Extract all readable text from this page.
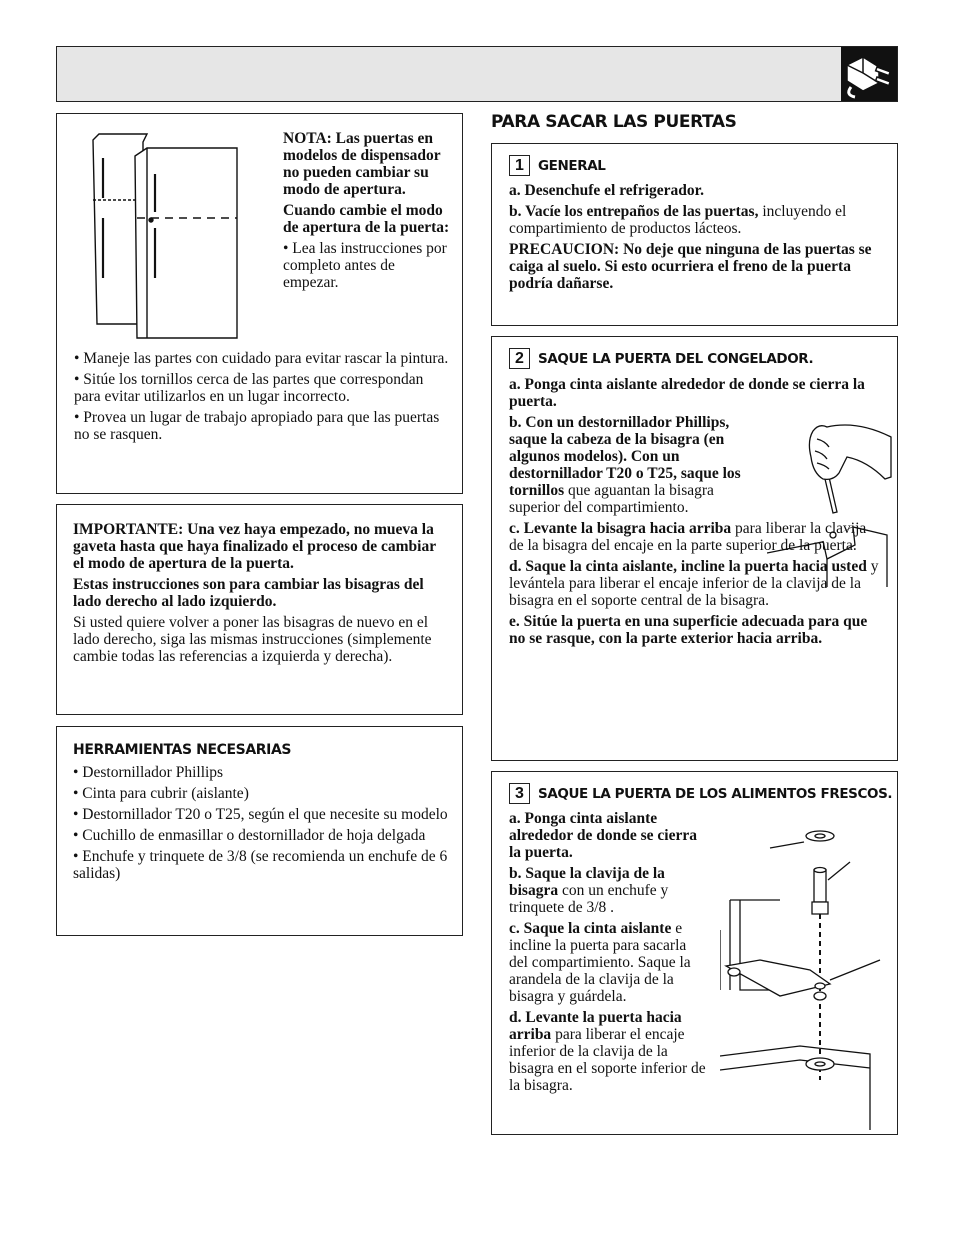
NOTA: Las puertas en modelos de dispensador no pueden cambiar su modo de apertura.

Cuando cambie el modo de apertura de la puerta:

• Lea las instrucciones por completo antes de empezar.

• Maneje las partes con cuidado para evitar rascar la pintura.

• Sitúe los tornillos cerca de las partes que correspondan para evitar utilizarlos en un lugar incorrecto.

• Provea un lugar de trabajo apropiado para que las puertas no se rasquen.

IMPORTANTE: Una vez haya empezado, no mueva la gaveta hasta que haya finalizado el proceso de cambiar el modo de apertura de la puerta.

Estas instrucciones son para cambiar las bisagras del lado derecho al lado izquierdo.

Si usted quiere volver a poner las bisagras de nuevo en el lado derecho, siga las mismas instrucciones (simplemente cambie todas las referencias a izquierda y derecha).

HERRAMIENTAS NECESARIAS

• Destornillador Phillips

• Cinta para cubrir (aislante)

• Destornillador T20 o T25, según el que necesite su modelo

• Cuchillo de enmasillar o destornillador de hoja delgada

• Enchufe y trinquete de 3/8 (se recomienda un enchufe de 6 salidas)

PARA SACAR LAS PUERTAS
1	GENERAL

a. Desenchufe el refrigerador.

b. Vacíe los entrepaños de las puertas, incluyendo el compartimiento de productos lácteos.

PRECAUCION: No deje que ninguna de las puertas se caiga al suelo. Si esto ocurriera el freno de la puerta podría dañarse.

2	SAQUE LA PUERTA DEL CONGELADOR.

a. Ponga cinta aislante alrededor de donde se cierra la puerta.

b. Con un destornillador Phillips, saque la cabeza de la bisagra (en algunos modelos). Con un destornillador T20 o T25, saque los tornillos que aguantan la bisagra superior del compartimiento.

c. Levante la bisagra hacia arriba para liberar la clavija de la bisagra del encaje en la parte superior de la puerta.

d. Saque la cinta aislante, incline la puerta hacia usted y levántela para liberar el encaje inferior de la clavija de la bisagra en el soporte central de la bisagra.

e. Sitúe la puerta en una superficie adecuada para que no se rasque, con la parte exterior hacia arriba.

3	SAQUE LA PUERTA DE LOS ALIMENTOS FRESCOS.

a. Ponga cinta aislante alrededor de donde se cierra la puerta.

b. Saque la clavija de la bisagra con un enchufe y trinquete de 3/8 .

c. Saque la cinta aislante e incline la puerta para sacarla del compartimiento. Saque la arandela de la clavija de la bisagra y guárdela.

d. Levante la puerta hacia arriba para liberar el encaje inferior de la clavija de la bisagra en el soporte inferior de la bisagra.
